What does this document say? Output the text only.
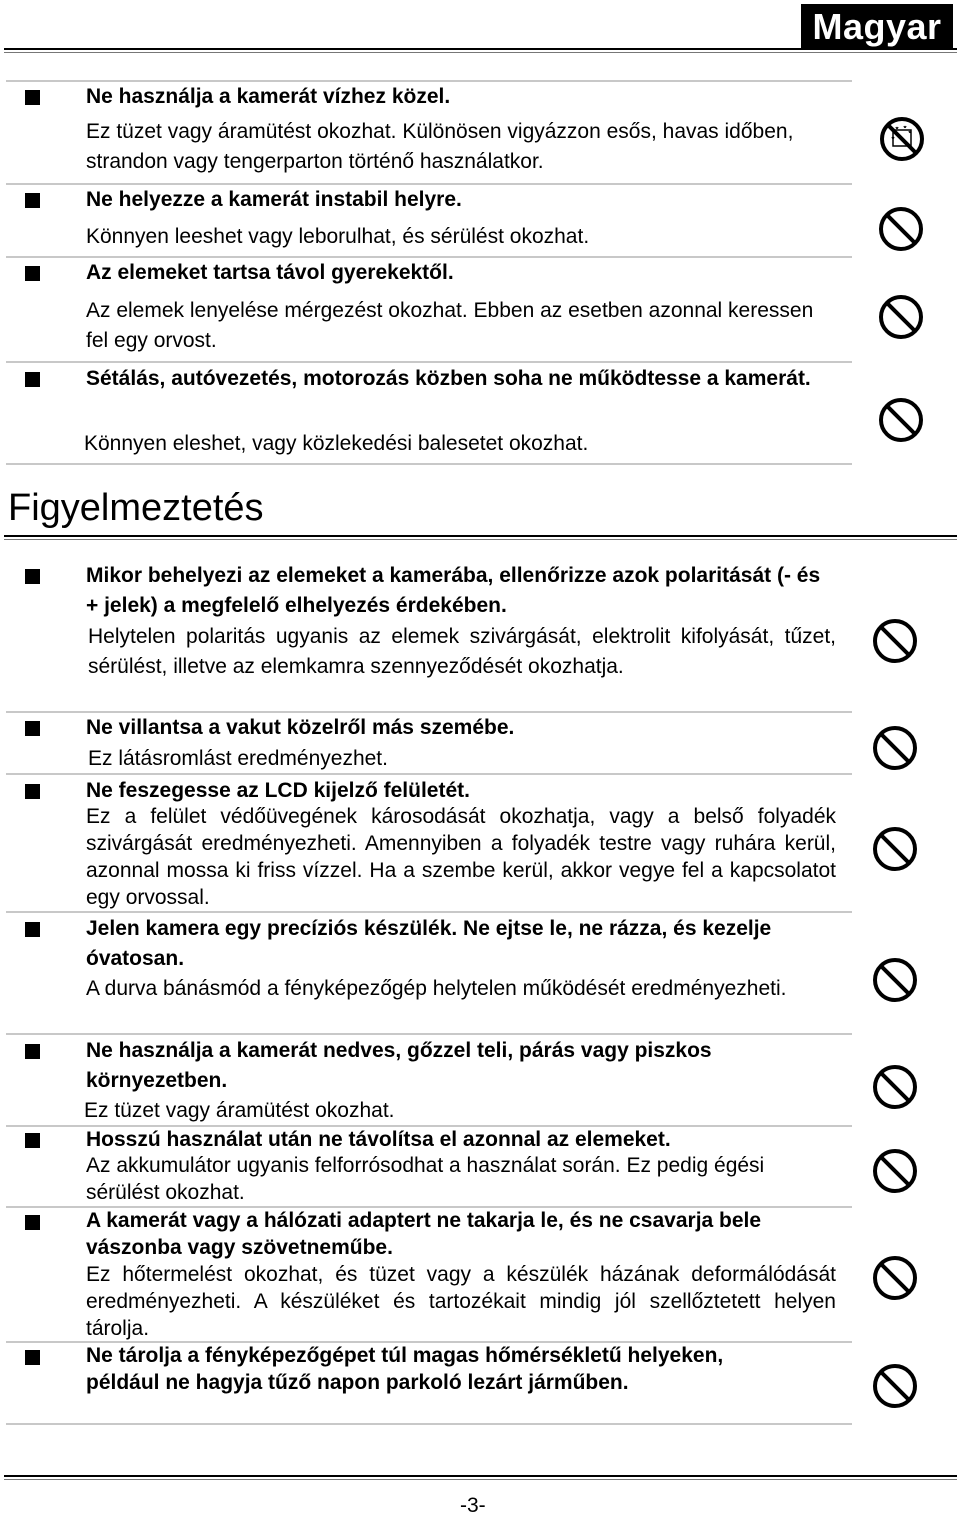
Magyar

Ne használja a kamerát vízhez közel.

Ez tüzet vagy áramütést okozhat. Különösen vigyázzon esős, havas időben, strandon vagy tengerparton történő használatkor.

Ne helyezze a kamerát instabil helyre.

Könnyen leeshet vagy leborulhat, és sérülést okozhat.

Az elemeket tartsa távol gyerekektől.

Az elemek lenyelése mérgezést okozhat. Ebben az esetben azonnal keressen fel egy orvost.

Sétálás, autóvezetés, motorozás közben soha ne működtesse a kamerát.

Könnyen eleshet, vagy közlekedési balesetet okozhat.

Figyelmeztetés

Mikor behelyezi az elemeket a kamerába, ellenőrizze azok polaritását (- és + jelek) a megfelelő elhelyezés érdekében.

Helytelen polaritás ugyanis az elemek szivárgását, elektrolit kifolyását, tűzet, sérülést, illetve az elemkamra szennyeződését okozhatja.

Ne villantsa a vakut közelről más szemébe.

Ez látásromlást eredményezhet.

Ne feszegesse az LCD kijelző felületét.

Ez a felület védőüvegének károsodását okozhatja, vagy a belső folyadék szivárgását eredményezheti. Amennyiben a folyadék testre vagy ruhára kerül, azonnal mossa ki friss vízzel. Ha a szembe kerül, akkor vegye fel a kapcsolatot egy orvossal.

Jelen kamera egy precíziós készülék. Ne ejtse le, ne rázza, és kezelje óvatosan.

A durva bánásmód a fényképezőgép helytelen működését eredményezheti.

Ne használja a kamerát nedves, gőzzel teli, párás vagy piszkos környezetben.

Ez tüzet vagy áramütést okozhat.

Hosszú használat után ne távolítsa el azonnal az elemeket.

Az akkumulátor ugyanis felforrósodhat a használat során. Ez pedig égési sérülést okozhat.

A kamerát vagy a hálózati adaptert ne takarja le, és ne csavarja bele vászonba vagy szövetneműbe.

Ez hőtermelést okozhat, és tüzet vagy a készülék házának deformálódását eredményezheti. A készüléket és tartozékait mindig jól szellőztetett helyen tárolja.

Ne tárolja a fényképezőgépet túl magas hőmérsékletű helyeken, például ne hagyja tűző napon parkoló lezárt járműben.

-3-
